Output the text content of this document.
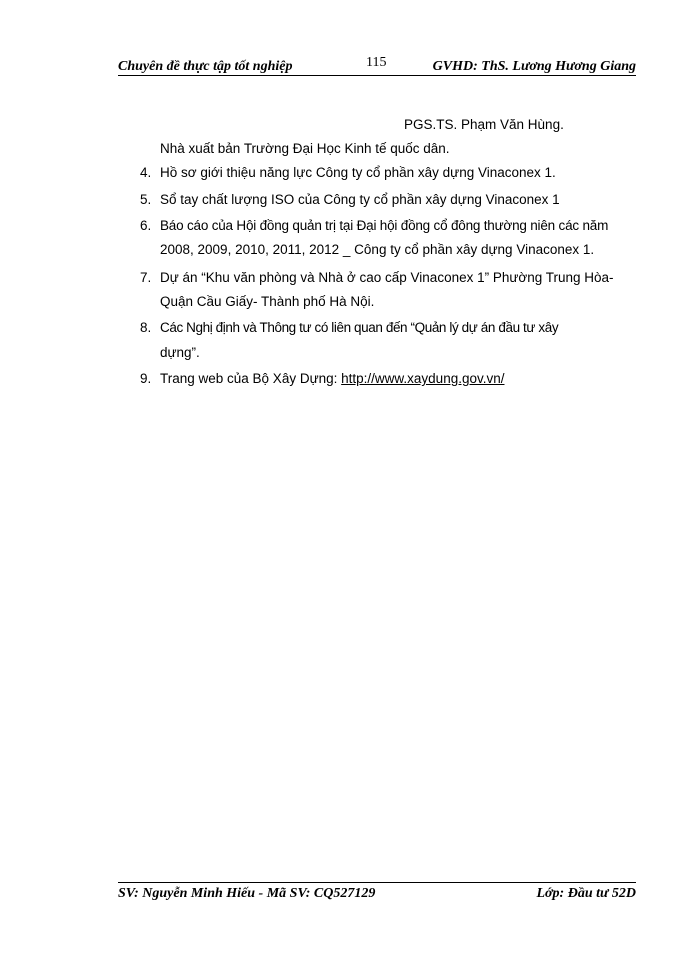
Chuyên đề thực tập tốt nghiệp	115	GVHD: ThS. Lương Hương Giang
PGS.TS. Phạm Văn Hùng.
Nhà xuất bản Trường Đại Học Kinh tế quốc dân.
4. Hồ sơ giới thiệu năng lực Công ty cổ phần xây dựng Vinaconex 1.
5. Sổ tay chất lượng ISO của Công ty cổ phần xây dựng Vinaconex 1
6. Báo cáo của Hội đồng quản trị tại Đại hội đồng cổ đông thường niên các năm
2008, 2009, 2010, 2011, 2012 _ Công ty cổ phần xây dựng Vinaconex 1.
7. Dự án “Khu văn phòng và Nhà ở cao cấp Vinaconex 1” Phường Trung Hòa-
Quận Cầu Giấy- Thành phố Hà Nội.
8. Các Nghị định và Thông tư có liên quan đến “Quản lý dự án đầu tư xây
dựng”.
9. Trang web của Bộ Xây Dựng: http://www.xaydung.gov.vn/
SV: Nguyễn Minh Hiếu - Mã SV: CQ527129	Lớp: Đầu tư 52D
